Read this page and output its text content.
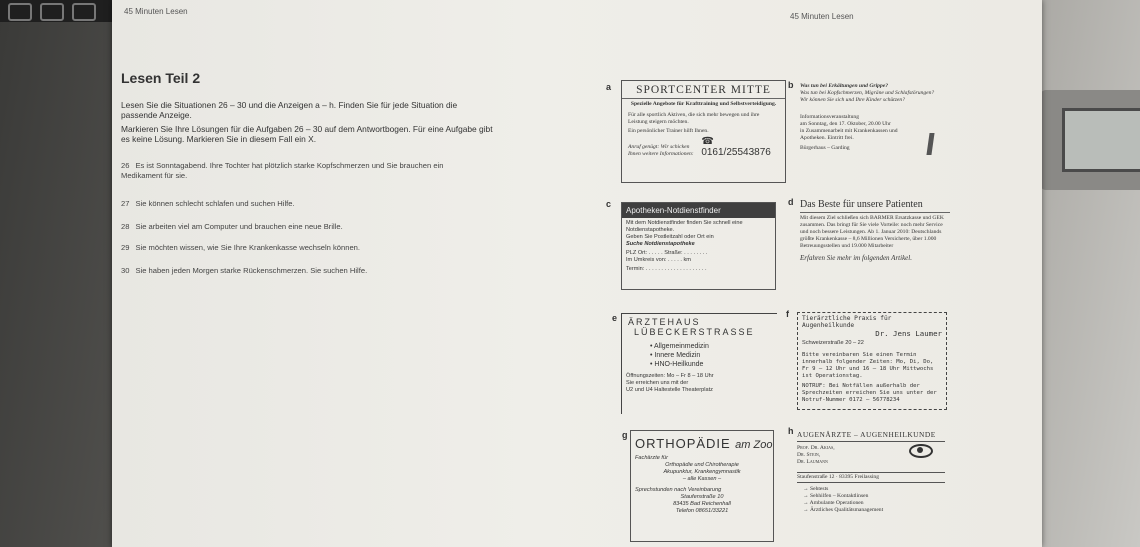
45 Minuten Lesen
45 Minuten Lesen
Lesen Teil 2
Lesen Sie die Situationen 26 – 30 und die Anzeigen a – h. Finden Sie für jede Situation die passende Anzeige.
Markieren Sie Ihre Lösungen für die Aufgaben 26 – 30 auf dem Antwortbogen. Für eine Aufgabe gibt es keine Lösung. Markieren Sie in diesem Fall ein X.
26 Es ist Sonntagabend. Ihre Tochter hat plötzlich starke Kopfschmerzen und Sie brauchen ein Medikament für sie.
27 Sie können schlecht schlafen und suchen Hilfe.
28 Sie arbeiten viel am Computer und brauchen eine neue Brille.
29 Sie möchten wissen, wie Sie Ihre Krankenkasse wechseln können.
30 Sie haben jeden Morgen starke Rückenschmerzen. Sie suchen Hilfe.
a	SPORTCENTER MITTE
Spezielle Angebote für Krafttraining und Selbstverteidigung.
Für alle sportlich Aktiven, die sich mehr bewegen und ihre Leistung steigern möchten.
Ein persönlicher Trainer hilft Ihnen.
Anruf genügt: Wir schicken Ihnen weitere Informationen:
☎ 0161/25543876
b Was tun bei Erkältungen und Grippe?
Was tun bei Kopfschmerzen, Migräne und Schlafstörungen?
Wir können Sie sich und Ihre Kinder schützen?
Informationsveranstaltung
am Sonntag, den 17. Oktober, 20.00 Uhr
in Zusammenarbeit mit Krankenkassen und Apotheken. Eintritt frei.
Bürgerhaus – Garding
c
Apotheken-Notdienstfinder
Mit dem Notdienstfinder finden Sie schnell eine Notdienstapotheke.
Geben Sie Postleitzahl oder Ort ein
Suche Notdienstapotheke
PLZ Ort: . . . . . Straße: . . . . . . . .
Im Umkreis von: . . . . . km
Termin: . . . . . . . . . . . . . . . . . . . .
d Das Beste für unsere Patienten
Mit diesem Ziel schließen sich BARMER Ersatzkasse und GEK zusammen. Das bringt für Sie viele Vorteile: noch mehr Service und noch bessere Leistungen. Ab 1. Januar 2010: Deutschlands größte Krankenkasse – 8,6 Millionen Versicherte, über 1.000 Betreuungsstellen und 19.000 Mitarbeiter
Erfahren Sie mehr im folgenden Artikel.
e	ÄRZTEHAUS
LÜBECKERSTRASSE
• Allgemeinmedizin
• Innere Medizin
• HNO-Heilkunde
Öffnungszeiten: Mo – Fr 8 – 18 Uhr
Sie erreichen uns mit der
U2 und U4 Haltestelle Theaterplatz
f	Tierärztliche Praxis für Augenheilkunde
Dr. Jens Laumer
Schweizerstraße 20 – 22
Bitte vereinbaren Sie einen Termin innerhalb folgender Zeiten: Mo, Di, Do, Fr 9 – 12 Uhr und 16 – 18 Uhr Mittwochs ist Operationstag.
NOTRUF: Bei Notfällen außerhalb der Sprechzeiten erreichen Sie uns unter der Notruf-Nummer 0172 – 56778234
g
ORTHOPÄDIE am Zoo
Fachärzte für
Orthopädie und Chirotherapie
Akupunktur, Krankengymnastik
– alle Kassen –
Sprechstunden nach Vereinbarung
Staufenstraße 10
83435 Bad Reichenhall
Telefon 08651/33221
h AUGENÄRZTE – AUGENHEILKUNDE
Prof. Dr. Akias,
Dr. Stein,
Dr. Laumann
Staufenstraße 12 · 83395 Freilassing
→ Sehtests
→ Sehhilfen – Kontaktlinsen
→ Ambulante Operationen
→ Ärztliches Qualitätsmanagement
